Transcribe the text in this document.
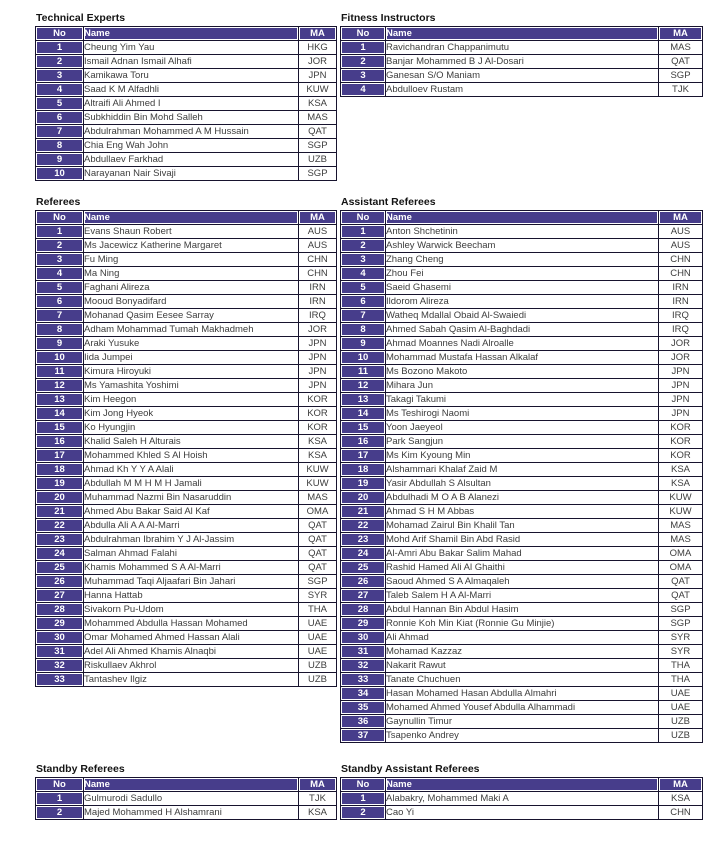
Technical Experts
No	Name	MA
1	Cheung Yim Yau	HKG
2	Ismail Adnan Ismail Alhafi	JOR
3	Kamikawa Toru	JPN
4	Saad K M Alfadhli	KUW
5	Altraifi Ali Ahmed I	KSA
6	Subkhiddin Bin Mohd Salleh	MAS
7	Abdulrahman Mohammed A M Hussain	QAT
8	Chia Eng Wah John	SGP
9	Abdullaev Farkhad	UZB
10	Narayanan Nair Sivaji	SGP
Fitness Instructors
No	Name	MA
1	Ravichandran Chappanimutu	MAS
2	Banjar Mohammed B J Al-Dosari	QAT
3	Ganesan S/O Maniam	SGP
4	Abdulloev Rustam	TJK
Referees
No	Name	MA
1	Evans Shaun Robert	AUS
2	Ms Jacewicz Katherine Margaret	AUS
3	Fu Ming	CHN
4	Ma Ning	CHN
5	Faghani Alireza	IRN
6	Mooud Bonyadifard	IRN
7	Mohanad Qasim Eesee Sarray	IRQ
8	Adham Mohammad Tumah Makhadmeh	JOR
9	Araki Yusuke	JPN
10	Iida Jumpei	JPN
11	Kimura Hiroyuki	JPN
12	Ms Yamashita Yoshimi	JPN
13	Kim Heegon	KOR
14	Kim Jong Hyeok	KOR
15	Ko Hyungjin	KOR
16	Khalid Saleh H Alturais	KSA
17	Mohammed Khled S Al Hoish	KSA
18	Ahmad Kh Y Y A Alali	KUW
19	Abdullah M M H M H Jamali	KUW
20	Muhammad Nazmi Bin Nasaruddin	MAS
21	Ahmed Abu Bakar Said Al Kaf	OMA
22	Abdulla Ali A A Al-Marri	QAT
23	Abdulrahman Ibrahim Y J Al-Jassim	QAT
24	Salman Ahmad Falahi	QAT
25	Khamis Mohammed S A Al-Marri	QAT
26	Muhammad Taqi Aljaafari Bin Jahari	SGP
27	Hanna Hattab	SYR
28	Sivakorn Pu-Udom	THA
29	Mohammed Abdulla Hassan Mohamed	UAE
30	Omar Mohamed Ahmed Hassan Alali	UAE
31	Adel Ali Ahmed Khamis Alnaqbi	UAE
32	Riskullaev Akhrol	UZB
33	Tantashev Ilgiz	UZB
Assistant Referees
No	Name	MA
1	Anton Shchetinin	AUS
2	Ashley Warwick Beecham	AUS
3	Zhang Cheng	CHN
4	Zhou Fei	CHN
5	Saeid Ghasemi	IRN
6	Ildorom Alireza	IRN
7	Watheq Mdallal Obaid Al-Swaiedi	IRQ
8	Ahmed Sabah Qasim Al-Baghdadi	IRQ
9	Ahmad Moannes Nadi Alroalle	JOR
10	Mohammad Mustafa Hassan Alkalaf	JOR
11	Ms Bozono Makoto	JPN
12	Mihara Jun	JPN
13	Takagi Takumi	JPN
14	Ms Teshirogi Naomi	JPN
15	Yoon Jaeyeol	KOR
16	Park Sangjun	KOR
17	Ms Kim Kyoung Min	KOR
18	Alshammari Khalaf Zaid M	KSA
19	Yasir Abdullah S Alsultan	KSA
20	Abdulhadi M O A B Alanezi	KUW
21	Ahmad S H M Abbas	KUW
22	Mohamad Zairul Bin Khalil Tan	MAS
23	Mohd Arif Shamil Bin Abd Rasid	MAS
24	Al-Amri Abu Bakar Salim Mahad	OMA
25	Rashid Hamed Ali Al Ghaithi	OMA
26	Saoud Ahmed S A Almaqaleh	QAT
27	Taleb Salem H A Al-Marri	QAT
28	Abdul Hannan Bin Abdul Hasim	SGP
29	Ronnie Koh Min Kiat (Ronnie Gu Minjie)	SGP
30	Ali Ahmad	SYR
31	Mohamad Kazzaz	SYR
32	Nakarit Rawut	THA
33	Tanate Chuchuen	THA
34	Hasan Mohamed Hasan Abdulla Almahri	UAE
35	Mohamed Ahmed Yousef Abdulla Alhammadi	UAE
36	Gaynullin Timur	UZB
37	Tsapenko Andrey	UZB
Standby Referees
No	Name	MA
1	Gulmurodi Sadullo	TJK
2	Majed Mohammed H Alshamrani	KSA
Standby Assistant Referees
No	Name	MA
1	Alabakry, Mohammed Maki A	KSA
2	Cao Yi	CHN
